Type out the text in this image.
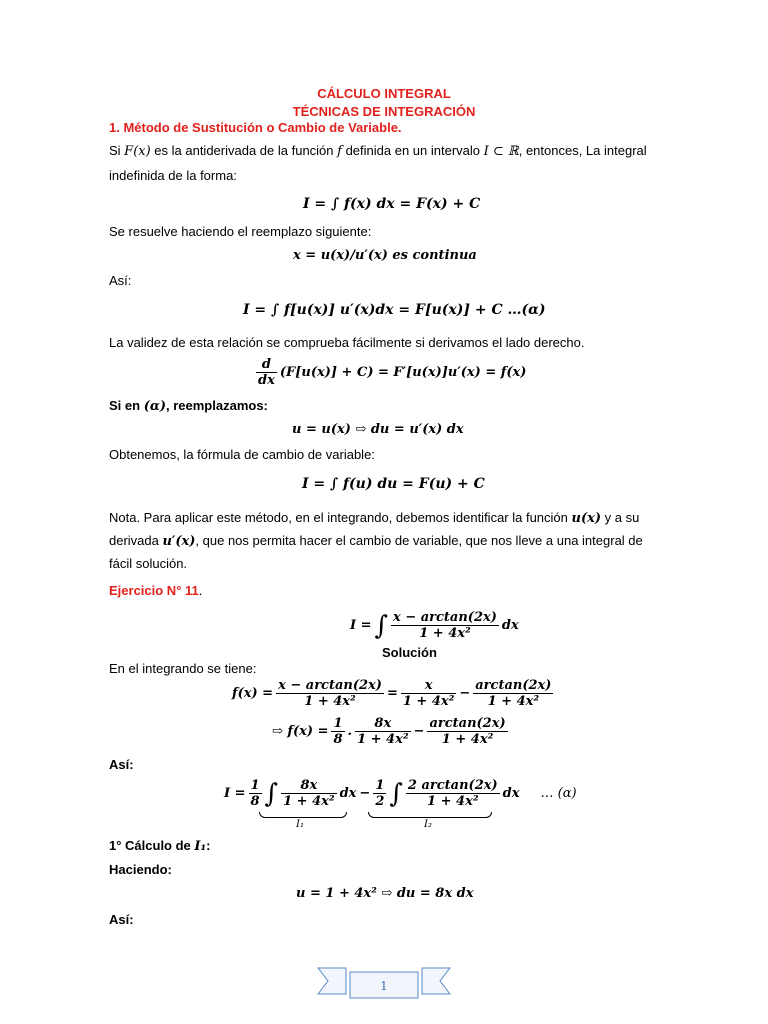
CÁLCULO INTEGRAL
TÉCNICAS DE INTEGRACIÓN
1. Método de Sustitución o Cambio de Variable.
Si F(x) es la antiderivada de la función f definida en un intervalo I ⊂ ℝ, entonces, La integral
indefinida de la forma:
I = ∫ f(x) dx = F(x) + C
Se resuelve haciendo el reemplazo siguiente:
x = u(x)/u′(x) es continua
Así:
I = ∫ f[u(x)] u′(x)dx = F[u(x)] + C …(α)
La validez de esta relación se comprueba fácilmente si derivamos el lado derecho.
$\frac{d}{dx} (F[u(x)] + C) = F'[u(x)]u'(x) = f(x)$
Si en (α), reemplazamos:
u = u(x) ⇨ du = u′(x) dx
Obtenemos, la fórmula de cambio de variable:
I = ∫ f(u) du = F(u) + C
Nota. Para aplicar este método, en el integrando, debemos identificar la función u(x) y a su
derivada u′(x), que nos permita hacer el cambio de variable, que nos lleve a una integral de
fácil solución.
Ejercicio N° 11.
I = ∫ $\frac{x - \arctan(2x)}{\text{1 + 4x²}}$ dx
Solución
En el integrando se tiene:
$f(x) = \frac{x - \arctan(2x)}{\text{1 + 4x²}} = \frac{x}{\text{1 + 4x²}} - \frac{\arctan(2x)}{\text{1 + 4x²}}$
⇨ $f(x) = \frac{1}{8}$ . $\frac{8x}{\text{1 + 4x²}} - \frac{\arctan(2x)}{\text{1 + 4x²}}$
Así:
$I = \frac{1}{8}$ ∫ $\frac{8x}{\text{1 + 4x²}}$ dx − $\frac{1}{2}$ ∫ $\frac{2 \arctan(2x)}{\text{1 + 4x²}}$ dx … (α)
I₁	I₂
1° Cálculo de I₁:
Haciendo:
u = 1 + 4x² ⇨ du = 8x dx
Así:
1
